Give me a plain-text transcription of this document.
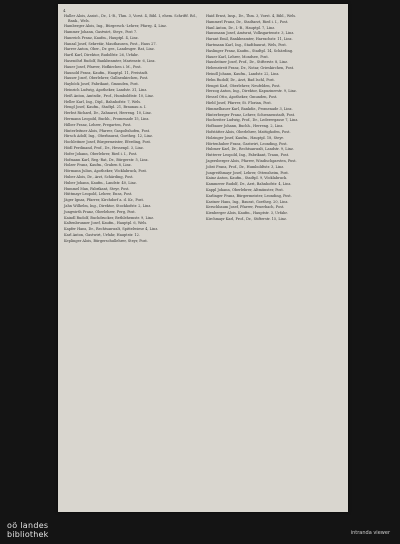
4

Haller Alois, Assist., Dr., I.-B., Thm. 3, Vorst. 4, Bibl. I, ehem. Schriftf. Rd., Bank., Wels.

Hamberger Alois, Ing., Bürgersch.-Lehrer, Pfarrg. 4, Linz.

Hammer Johann, Gastwirt, Steyr., Post 7.

Hanreich Franz, Kaufm., Hauptpl. 4, Linz.

Hanzal Josef, Sekretär, Mauthausen, Post., Haus 27.

Harrer Anton, Ober., Dr. ger., Landesger. Rat, Linz.

Hartl Karl, Direktor, Rudolfstr. 26, Urfahr.

Hasenöhrl Rudolf, Bankbeamter, Marienstr. 6, Linz.

Hauer Josef, Pfarrer, Hofkirchen i. M., Post.

Haunold Franz, Kaufm., Hauptpl. 11, Freistadt.

Hauser Josef, Oberlehrer, Gallneukirchen, Post.

Hayböck Josef, Fabrikant, Gmunden, Post.

Heinrich Ludwig, Apotheker, Landstr. 31, Linz.

Heiß Anton, Amtsdir., Prof., Humboldtstr. 10, Linz.

Heller Karl, Ing., Dipl., Bahnhofstr. 7, Wels.

Hengl Josef, Kaufm., Stadtpl. 21, Braunau a. I.

Herbst Richard, Dr., Zahnarzt, Herreng. 10, Linz.

Hermann Leopold, Buchh., Promenade 15, Linz.

Hilber Franz, Lehrer, Pregarten, Post.

Hinterleitner Alois, Pfarrer, Gaspoltshofen, Post.

Hirsch Adolf, Ing., Oberbaurat, Goetheg. 12, Linz.

Hochleitner Josef, Bürgermeister, Eferding, Post.

Hödl Ferdinand, Prof., Dr., Hessenpl. 3, Linz.

Hofer Johann, Oberlehrer, Ried i. I., Post.

Hofmann Karl, Reg.-Rat, Dr., Bürgerstr. 5, Linz.

Holzer Franz, Kaufm., Graben 8, Linz.

Hörmann Julius, Apotheker, Vöcklabruck, Post.

Huber Alois, Dr., Arzt, Schärding, Post.

Huber Johann, Kaufm., Landstr. 40, Linz.

Hummel Max, Fabrikant, Steyr, Post.

Hüttmayr Leopold, Lehrer, Enns, Post.

Jäger Ignaz, Pfarrer, Kirchdorf a. d. Kr., Post.

Jahn Wilhelm, Ing., Direktor, Stockhofstr. 2, Linz.

Jungwirth Franz, Oberlehrer, Perg, Post.

Kaindl Rudolf, Buchdrucker, Bethlehemstr. 9, Linz.

Kaltenbrunner Josef, Kaufm., Hauptpl. 6, Wels.

Kapfer Hans, Dr., Rechtsanwalt, Spittelwiese 4, Linz.

Karl Anton, Gastwirt, Urfahr, Hauptstr. 12.

Keplinger Alois, Bürgerschullehrer, Steyr, Post.

Haid Ernst, Insp., Dr., Thm. 3, Vorst. 4, Bibl., Wels.

Hammerl Franz, Dr., Stadtarzt, Ried i. I., Post.

Hanl Anton, Dr., I.-B., Hauptpl. 7, Linz.

Hansmann Josef, Amtsrat, Volksgartenstr. 3, Linz.

Harant Emil, Bankbeamter, Harrachstr. 11, Linz.

Hartmann Karl, Ing., Stadtbaurat, Wels, Post.

Haslinger Franz, Kaufm., Stadtpl. 14, Schärding.

Hauer Karl, Lehrer, Mondsee, Post.

Hausleitner Josef, Prof., Dr., Stifterstr. 8, Linz.

Hebenstreit Franz, Dr., Notar, Grieskirchen, Post.

Heindl Johann, Kaufm., Landstr. 22, Linz.

Helm Rudolf, Dr., Arzt, Bad Ischl, Post.

Hengst Karl, Oberlehrer, Neufelden, Post.

Herzog Anton, Ing., Direktor, Kapuzinerstr. 9, Linz.

Hessel Otto, Apotheker, Gmunden, Post.

Hiebl Josef, Pfarrer, St. Florian, Post.

Himmelbauer Karl, Bankdir., Promenade 3, Linz.

Hinterberger Franz, Lehrer, Schwanenstadt, Post.

Hochreiter Ludwig, Prof., Dr., Lederergasse 7, Linz.

Hofbauer Johann, Buchh., Herreng. 2, Linz.

Hofstätter Alois, Oberlehrer, Mattighofen, Post.

Holzinger Josef, Kaufm., Hauptpl. 18, Steyr.

Hörtenhuber Franz, Gastwirt, Leonding, Post.

Hubmer Karl, Dr., Rechtsanwalt, Landstr. 9, Linz.

Hutterer Leopold, Ing., Fabrikant, Traun, Post.

Jagersberger Alois, Pfarrer, Windischgarsten, Post.

Jobst Franz, Prof., Dr., Humboldtstr. 3, Linz.

Jungreithmayr Josef, Lehrer, Ottensheim, Post.

Kainz Anton, Kaufm., Stadtpl. 9, Vöcklabruck.

Kammerer Rudolf, Dr., Arzt, Bahnhofstr. 4, Linz.

Kappl Johann, Oberlehrer, Altmünster, Post.

Karlinger Franz, Bürgermeister, Leonding, Post.

Kastner Hans, Ing., Baurat, Goetheg. 20, Linz.

Kerschbaum Josef, Pfarrer, Peuerbach, Post.

Kienberger Alois, Kaufm., Hauptstr. 3, Urfahr.

Kirchmayr Karl, Prof., Dr., Stifterstr. 15, Linz.

oö landes
bibliothek	intranda viewer
